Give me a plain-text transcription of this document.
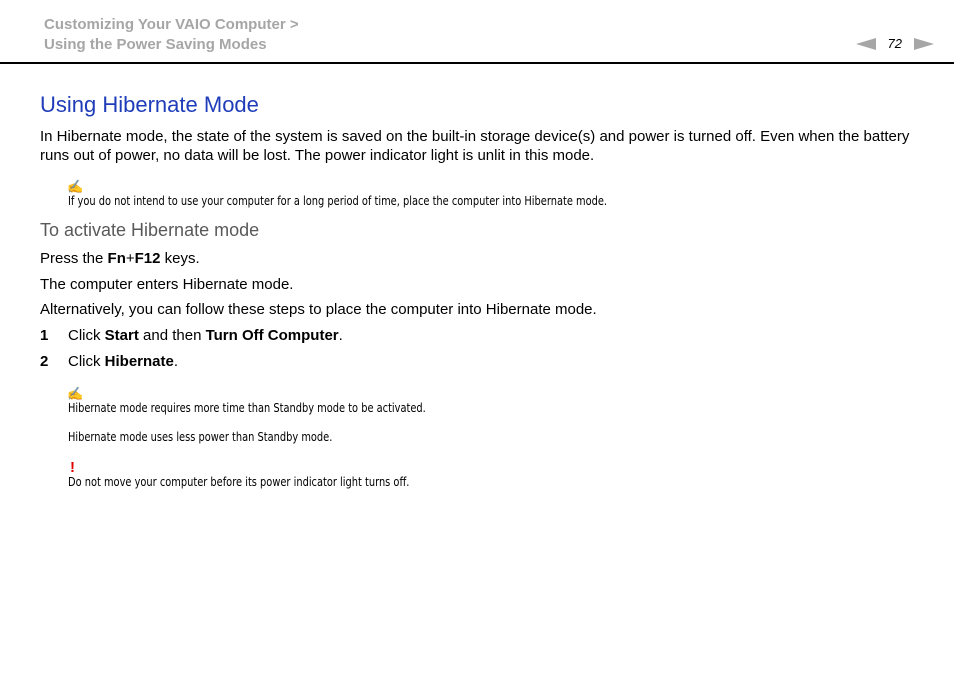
Customizing Your VAIO Computer >
Using the Power Saving Modes	72
Using Hibernate Mode

In Hibernate mode, the state of the system is saved on the built-in storage device(s) and power is turned off. Even when the battery runs out of power, no data will be lost. The power indicator light is unlit in this mode.

✍
If you do not intend to use your computer for a long period of time, place the computer into Hibernate mode.
To activate Hibernate mode
Press the Fn+F12 keys.
The computer enters Hibernate mode.
Alternatively, you can follow these steps to place the computer into Hibernate mode.
1 Click Start and then Turn Off Computer.
2 Click Hibernate.
✍
Hibernate mode requires more time than Standby mode to be activated.
Hibernate mode uses less power than Standby mode.
!
Do not move your computer before its power indicator light turns off.
